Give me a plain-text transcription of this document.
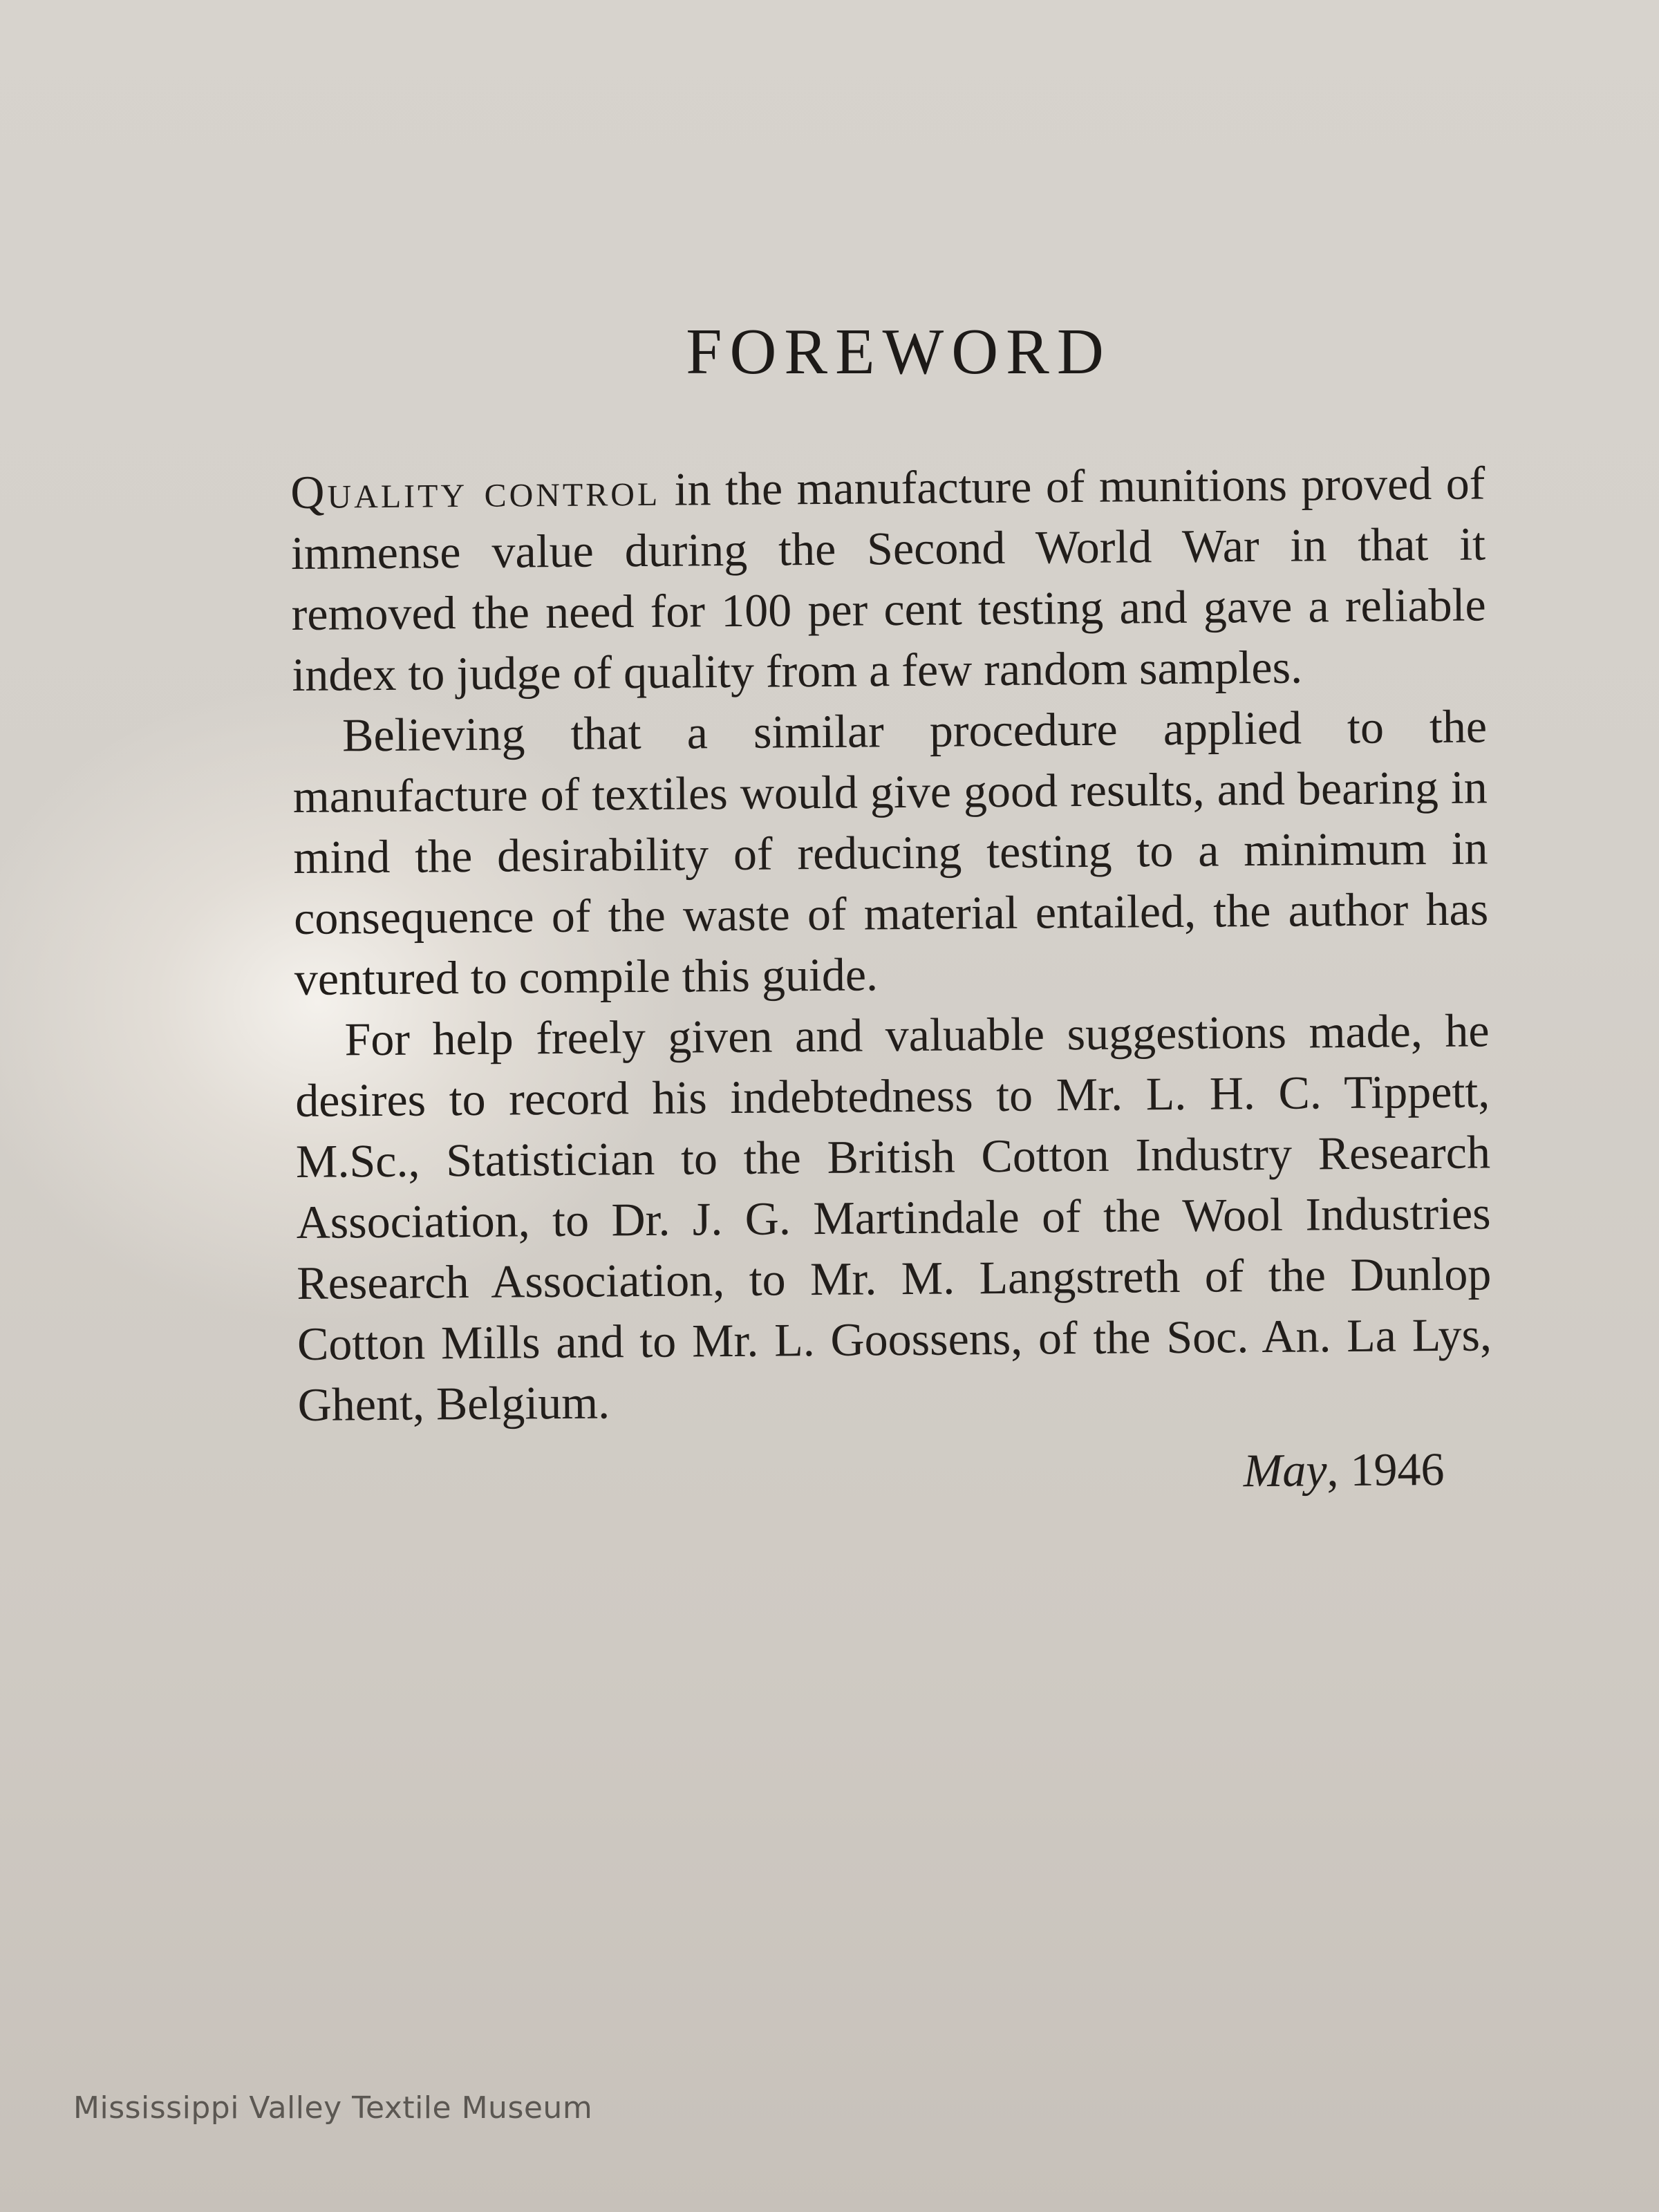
FOREWORD

Quality control in the manufacture of munitions proved of immense value during the Second World War in that it removed the need for 100 per cent testing and gave a reliable index to judge of quality from a few random samples.

Believing that a similar procedure applied to the manufacture of textiles would give good results, and bearing in mind the desirability of reducing testing to a minimum in consequence of the waste of material entailed, the author has ventured to compile this guide.

For help freely given and valuable suggestions made, he desires to record his indebtedness to Mr. L. H. C. Tippett, M.Sc., Statistician to the British Cotton Industry Research Association, to Dr. J. G. Martindale of the Wool Industries Research Association, to Mr. M. Langstreth of the Dunlop Cotton Mills and to Mr. L. Goossens, of the Soc. An. La Lys, Ghent, Belgium.

May, 1946
Mississippi Valley Textile Museum
